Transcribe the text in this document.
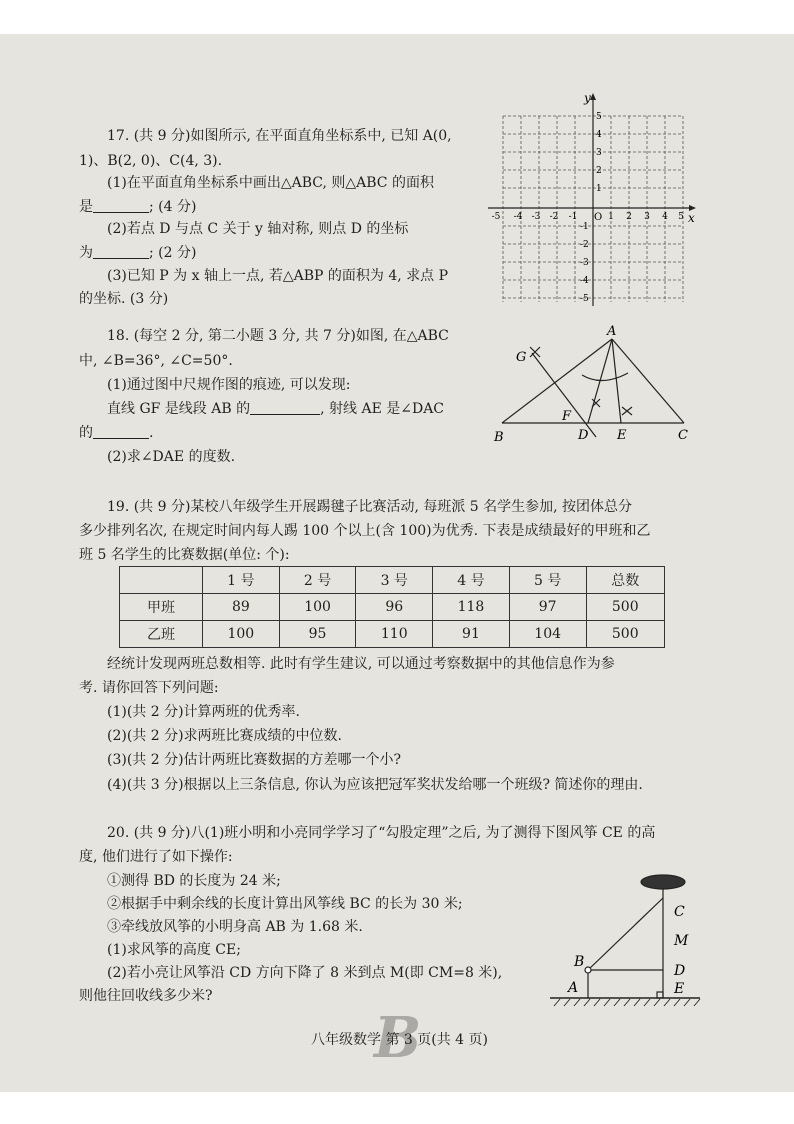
17. (共 9 分)如图所示, 在平面直角坐标系中, 已知 A(0,
1)、B(2, 0)、C(4, 3).
(1)在平面直角坐标系中画出△ABC, 则△ABC 的面积
是	; (4 分)
(2)若点 D 与点 C 关于 y 轴对称, 则点 D 的坐标
为	; (2 分)
(3)已知 P 为 x 轴上一点, 若△ABP 的面积为 4, 求点 P
的坐标. (3 分)
y
x
O
-5 -4 -3 -2 -1	1 2 3 4 5
5
4
3
2
1
-1
-2
-3
-4
-5
18. (每空 2 分, 第二小题 3 分, 共 7 分)如图, 在△ABC
中, ∠B=36°, ∠C=50°.
(1)通过图中尺规作图的痕迹, 可以发现:
直线 GF 是线段 AB 的	, 射线 AE 是∠DAC
的	.
(2)求∠DAE 的度数.
A
B	C
D E
F
G
19. (共 9 分)某校八年级学生开展踢毽子比赛活动, 每班派 5 名学生参加, 按团体总分
多少排列名次, 在规定时间内每人踢 100 个以上(含 100)为优秀. 下表是成绩最好的甲班和乙
班 5 名学生的比赛数据(单位: 个):
	1 号	2 号	3 号	4 号	5 号	总数
甲班	89	100	96	118	97	500
乙班	100	95	110	91	104	500
经统计发现两班总数相等. 此时有学生建议, 可以通过考察数据中的其他信息作为参
考. 请你回答下列问题:
(1)(共 2 分)计算两班的优秀率.
(2)(共 2 分)求两班比赛成绩的中位数.
(3)(共 2 分)估计两班比赛数据的方差哪一个小?
(4)(共 3 分)根据以上三条信息, 你认为应该把冠军奖状发给哪一个班级? 简述你的理由.
20. (共 9 分)八(1)班小明和小亮同学学习了“勾股定理”之后, 为了测得下图风筝 CE 的高
度, 他们进行了如下操作:
①测得 BD 的长度为 24 米;
②根据手中剩余线的长度计算出风筝线 BC 的长为 30 米;
③牵线放风筝的小明身高 AB 为 1.68 米.
(1)求风筝的高度 CE;
(2)若小亮让风筝沿 CD 方向下降了 8 米到点 M(即 CM=8 米),
则他往回收线多少米?
C
M
D
E
B
A
B
八年级数学 第 3 页(共 4 页)
